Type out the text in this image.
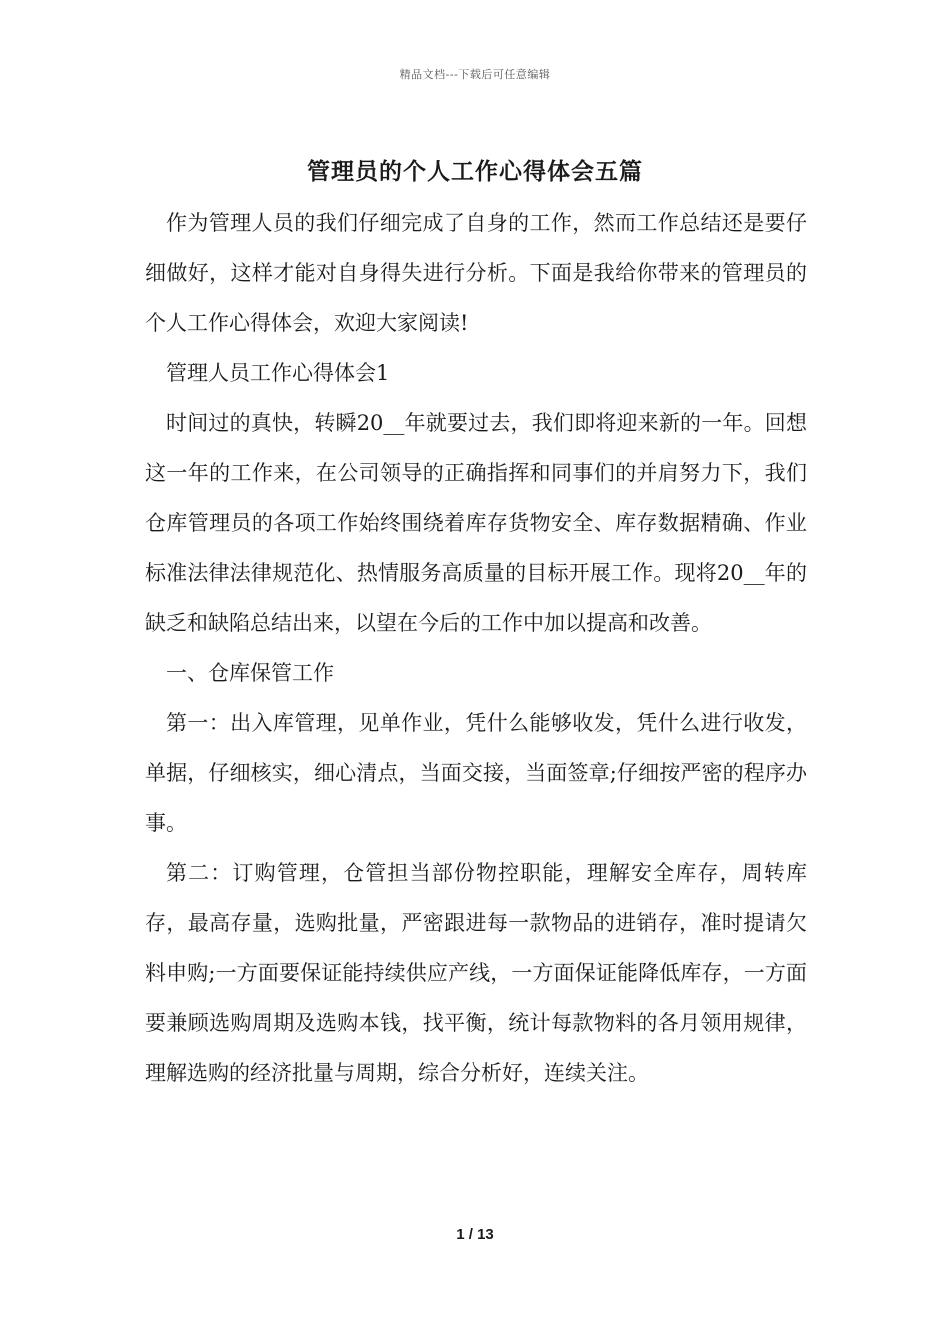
精品文档---下载后可任意编辑
管理员的个人工作心得体会五篇

作为管理人员的我们仔细完成了自身的工作，然而工作总结还是要仔细做好，这样才能对自身得失进行分析。下面是我给你带来的管理员的个人工作心得体会，欢迎大家阅读!

管理人员工作心得体会1

时间过的真快，转瞬20__年就要过去，我们即将迎来新的一年。回想这一年的工作来，在公司领导的正确指挥和同事们的并肩努力下，我们仓库管理员的各项工作始终围绕着库存货物安全、库存数据精确、作业标准法律法律规范化、热情服务高质量的目标开展工作。现将20__年的缺乏和缺陷总结出来，以望在今后的工作中加以提高和改善。

一、仓库保管工作

第一：出入库管理，见单作业，凭什么能够收发，凭什么进行收发，单据，仔细核实，细心清点，当面交接，当面签章;仔细按严密的程序办事。

第二：订购管理，仓管担当部份物控职能，理解安全库存，周转库存，最高存量，选购批量，严密跟进每一款物品的进销存，准时提请欠料申购;一方面要保证能持续供应产线，一方面保证能降低库存，一方面要兼顾选购周期及选购本钱，找平衡，统计每款物料的各月领用规律，理解选购的经济批量与周期，综合分析好，连续关注。

1 / 13
